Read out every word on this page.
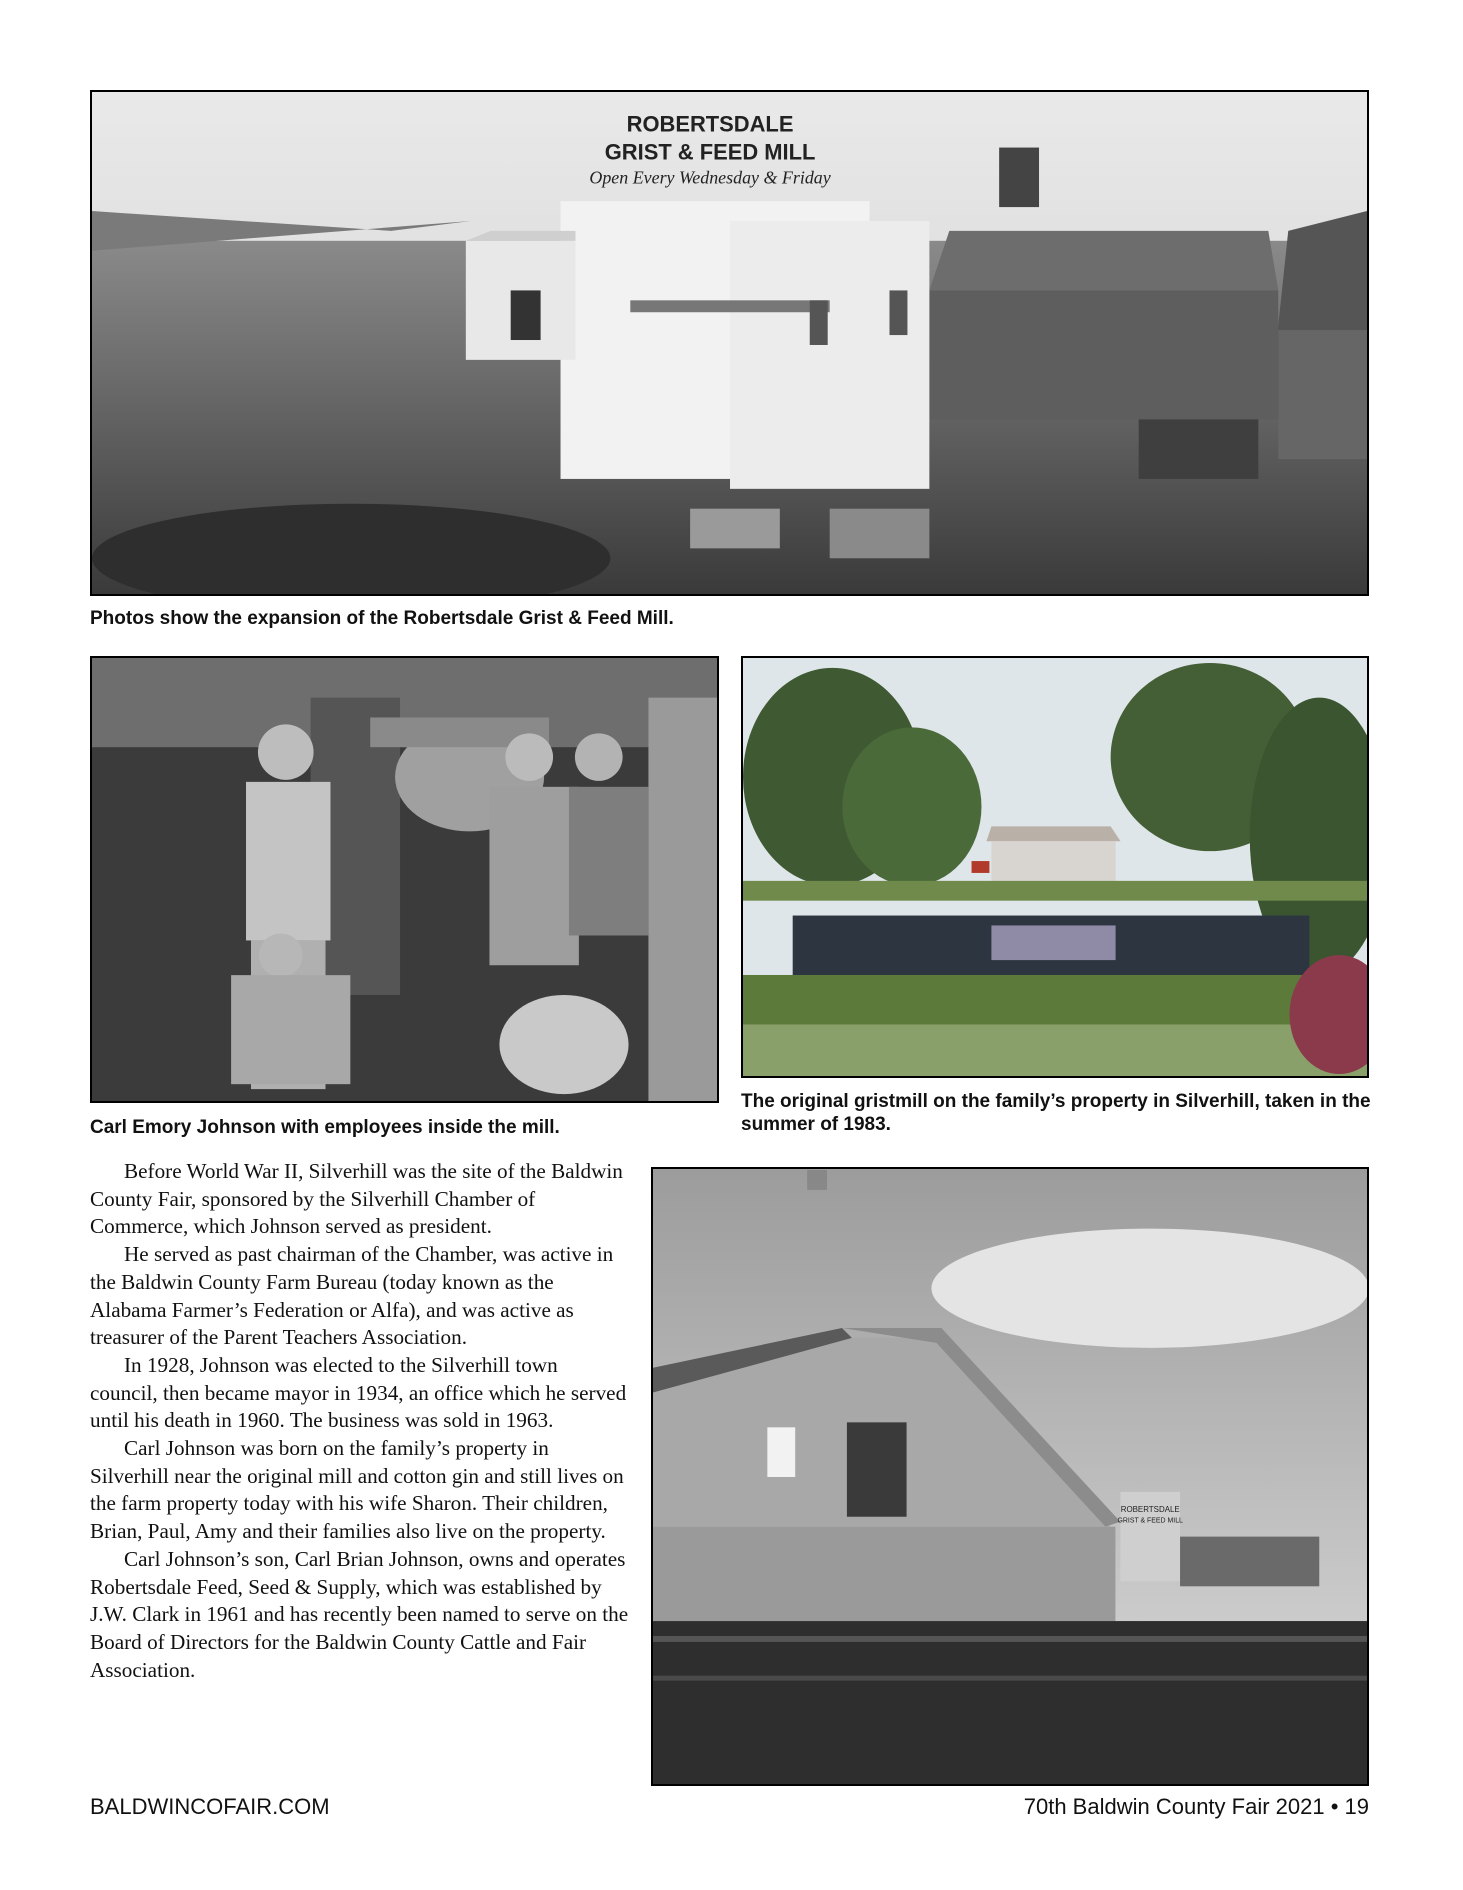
ROBERTSDALE
GRIST & FEED MILL
Open Every Wednesday & Friday

Photos show the expansion of the Robertsdale Grist & Feed Mill.

Carl Emory Johnson with employees inside the mill.

The original gristmill on the family’s property in Silverhill, taken in the summer of 1983.

Before World War II, Silverhill was the site of the Baldwin County Fair, sponsored by the Silverhill Chamber of Commerce, which Johnson served as president.

He served as past chairman of the Chamber, was active in the Baldwin County Farm Bureau (today known as the Alabama Farmer’s Federation or Alfa), and was active as treasurer of the Parent Teachers Association.

In 1928, Johnson was elected to the Silverhill town council, then became mayor in 1934, an office which he served until his death in 1960. The business was sold in 1963.

Carl Johnson was born on the family’s property in Silverhill near the original mill and cotton gin and still lives on the farm property today with his wife Sharon. Their children, Brian, Paul, Amy and their families also live on the property.

Carl Johnson’s son, Carl Brian Johnson, owns and operates Robertsdale Feed, Seed & Supply, which was established by J.W. Clark in 1961 and has recently been named to serve on the Board of Directors for the Baldwin County Cattle and Fair Association.

ROBERTSDALE
GRIST & FEED MILL
BALDWINCOFAIR.COM	70th Baldwin County Fair 2021 • 19
